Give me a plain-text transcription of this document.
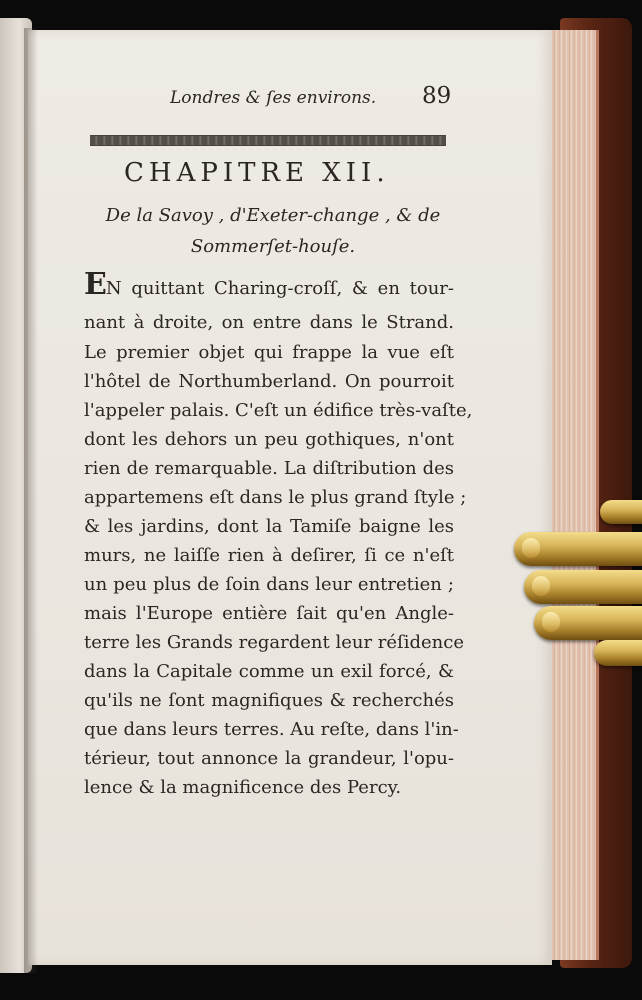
Londres & ſes environs. 89
CHAPITRE XII.
De la Savoy , d'Exeter-change , & de
Sommerſet-houſe.
EN quittant Charing-croſſ, & en tour-
nant à droite, on entre dans le Strand.
Le premier objet qui frappe la vue eſt
l'hôtel de Northumberland. On pourroit
l'appeler palais. C'eſt un édifice très-vaſte,
dont les dehors un peu gothiques, n'ont
rien de remarquable. La diſtribution des
appartemens eſt dans le plus grand ſtyle ;
& les jardins, dont la Tamiſe baigne les
murs, ne laiſſe rien à deſirer, ſi ce n'eſt
un peu plus de ſoin dans leur entretien ;
mais l'Europe entière ſait qu'en Angle-
terre les Grands regardent leur réſidence
dans la Capitale comme un exil forcé, &
qu'ils ne ſont magnifiques & recherchés
que dans leurs terres. Au reſte, dans l'in-
térieur, tout annonce la grandeur, l'opu-
lence & la magnificence des Percy.
